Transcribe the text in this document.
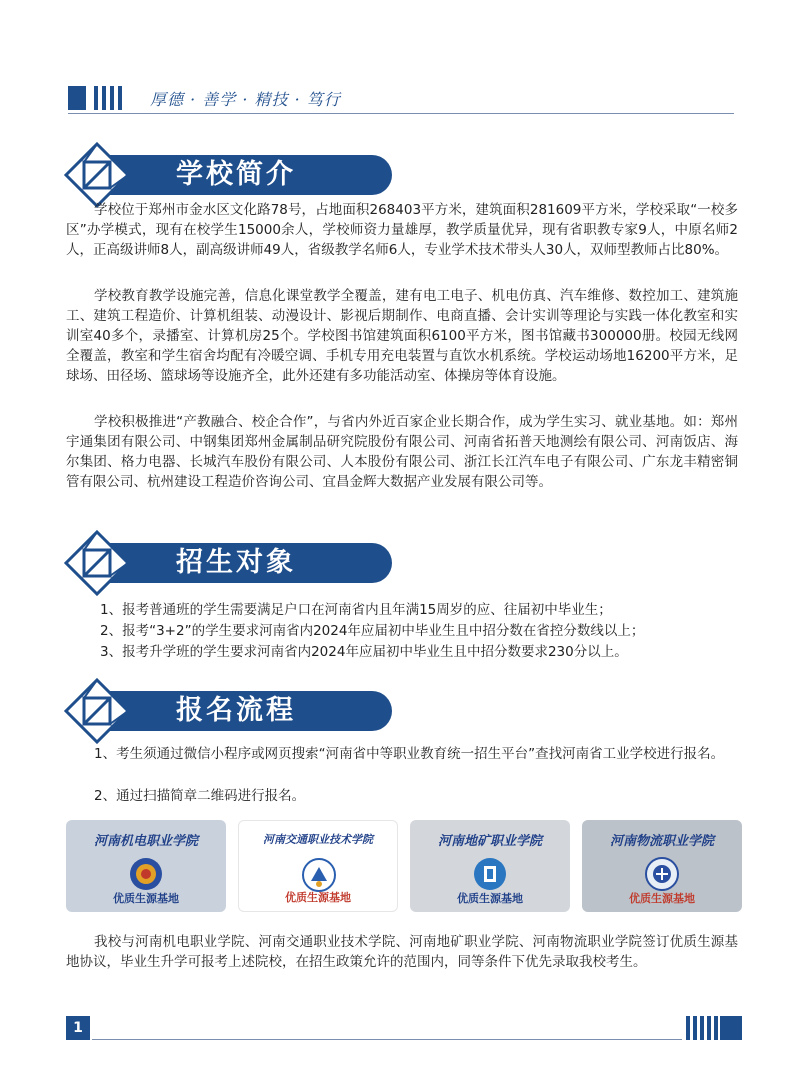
厚德 · 善学 · 精技 · 笃行
学校简介

学校位于郑州市金水区文化路78号，占地面积268403平方米，建筑面积281609平方米，学校采取“一校多区”办学模式，现有在校学生15000余人，学校师资力量雄厚，教学质量优异，现有省职教专家9人，中原名师2人，正高级讲师8人，副高级讲师49人，省级教学名师6人，专业学术技术带头人30人，双师型教师占比80%。

学校教育教学设施完善，信息化课堂教学全覆盖，建有电工电子、机电仿真、汽车维修、数控加工、建筑施工、建筑工程造价、计算机组装、动漫设计、影视后期制作、电商直播、会计实训等理论与实践一体化教室和实训室40多个，录播室、计算机房25个。学校图书馆建筑面积6100平方米，图书馆藏书300000册。校园无线网全覆盖，教室和学生宿舍均配有冷暖空调、手机专用充电装置与直饮水机系统。学校运动场地16200平方米，足球场、田径场、篮球场等设施齐全，此外还建有多功能活动室、体操房等体育设施。

学校积极推进“产教融合、校企合作”，与省内外近百家企业长期合作，成为学生实习、就业基地。如：郑州宇通集团有限公司、中钢集团郑州金属制品研究院股份有限公司、河南省拓普天地测绘有限公司、河南饭店、海尔集团、格力电器、长城汽车股份有限公司、人本股份有限公司、浙江长江汽车电子有限公司、广东龙丰精密铜管有限公司、杭州建设工程造价咨询公司、宜昌金辉大数据产业发展有限公司等。

招生对象
1、报考普通班的学生需要满足户口在河南省内且年满15周岁的应、往届初中毕业生；
2、报考“3+2”的学生要求河南省内2024年应届初中毕业生且中招分数在省控分数线以上；
3、报考升学班的学生要求河南省内2024年应届初中毕业生且中招分数要求230分以上。
报名流程

1、考生须通过微信小程序或网页搜索“河南省中等职业教育统一招生平台”查找河南省工业学校进行报名。

2、通过扫描简章二维码进行报名。

河南机电职业学院
优质生源基地
河南交通职业技术学院
优质生源基地
河南地矿职业学院
优质生源基地
河南物流职业学院
优质生源基地

我校与河南机电职业学院、河南交通职业技术学院、河南地矿职业学院、河南物流职业学院签订优质生源基地协议，毕业生升学可报考上述院校，在招生政策允许的范围内，同等条件下优先录取我校考生。

1
